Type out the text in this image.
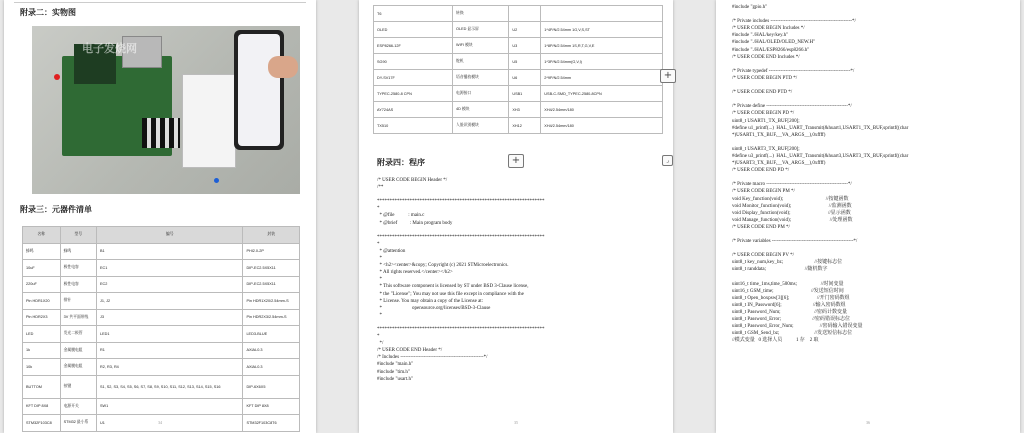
附录二：实物图
电子发烧网
附录三：元器件清单
名称	型号	编号	封装
蜂鸣	蜂鸣	B1	PHI2.0-2P
10uF	极性电容	EC1	DIP-EC2.5X5X11
220uF	极性电容	EC2	DIP-EC2.5X5X11
Pin HDR1X20	排针	J1, J2	Pin HDR1X20/2.54mm-S
Pin HDR2X3	3V 共平面带线	J3	Pin HDR2X3/2.54mm-S
LED	发光二极管	LED1	LED3-BLUE
1k	金属膜电阻	R1	AXIAL0.3
10k	金属膜电阻	R2, R3, R4	AXIAL0.3
BUTTOM	按键	S1, S2, S3, S4, S5, S6, S7, S8, S9, S10, S11, S12, S13, S14, S15, S16	DIP-6X6X5
KFT DIP 8X8	电源开关	SW1	KFT DIP 8X8
STM32F103C8	STM32 最小系	U1	STM32F103C8T6
34
T6	转换		
OLED	OLED 显示屏	U2	1*4P/N/2.54mm 1G,V,S,ST
ESP8266-12F	WIFI 模块	U3	1*8P/N/2.54mm 1S,R,T,G,V,E
SG90	舵机	U5	1*3P/N/2.54mm(G,V,I)
DY-SV17F	语音播放模块	U6	2*9P/N/2.54mm
TYPEC-2580-8 CPN	电源接口	USB1	USB-C-SMD_TYPEC-2580-8CPN
AY724AS	4D 模块	XH3	XH4/2.54mm/180
TX510	人脸识别模块	XH12	XH4/2.54mm/180
附录四：程序
/* USER CODE BEGIN Header */
/**
*******************************************************************
*
* @file           : main.c
* @brief          : Main program body
*******************************************************************
*
* @attention
*
* <h2><center>&copy; Copyright (c) 2021 STMicroelectronics.
* All rights reserved.</center></h2>
*
* This software component is licensed by ST under BSD 3-Clause license,
* the "License"; You may not use this file except in compliance with the
* License. You may obtain a copy of the License at:
*                        opensource.org/licenses/BSD-3-Clause
*
*******************************************************************
*
*/
/* USER CODE END Header */
/* Includes --------------------------------------------------*/
#include "main.h"
#include "tim.h"
#include "usart.h"
35
#include "gpio.h"
/* Private includes -------------------------------------------------*/
/* USER CODE BEGIN Includes */
#include "./HAL/key/key.h"
#include "./HAL/OLED/OLED_NEW.H"
#include "./HAL/ESP8266/esp8266.h"
/* USER CODE END Includes */
/* Private typedef -------------------------------------------------*/
/* USER CODE BEGIN PTD */
/* USER CODE END PTD */
/* Private define -------------------------------------------------*/
/* USER CODE BEGIN PD */
uint8_t USART1_TX_BUF[200];
#define u1_printf(...)  HAL_UART_Transmit(&huart1,USART1_TX_BUF,sprintf((char
*)USART1_TX_BUF,__VA_ARGS__),0xffff)
uint8_t USART3_TX_BUF[200];
#define u3_printf(...)  HAL_UART_Transmit(&huart3,USART3_TX_BUF,sprintf((char
*)USART3_TX_BUF,__VA_ARGS__),0xffff)
/* USER CODE END PD */
/* Private macro -------------------------------------------------*/
/* USER CODE BEGIN PM */
void Key_function(void);                                  //按键函数
void Monitor_function(void);                              //监测函数
void Display_function(void);                              //显示函数
void Manage_function(void);                               //处理函数
/* USER CODE END PM */
/* Private variables -------------------------------------------------*/
/* USER CODE BEGIN PV */
uint8_t key_num,key_bz;                         //按键标志位
uint8_t randdata;                               //随机数字
uint16_t time_1ms,time_500ms;                   //时间变量
uint16_t GSM_time;                              //发送短信时间
uint8_t Open_boxpsw[3][6];                      //开门密码数组
uint8_t IN_Password[6];                         //输入密码数组
uint8_t Password_Num;                           //密码计数变量
uint8_t Password_Error;                         //密码错误标志位
uint8_t Password_Error_Num;                     //密码输入错误变量
uint8_t GSM_Send_bz;                            //发送短信标志位
//模式变量   0 选择人员           1 存    2 取
36
+
+	⌟
